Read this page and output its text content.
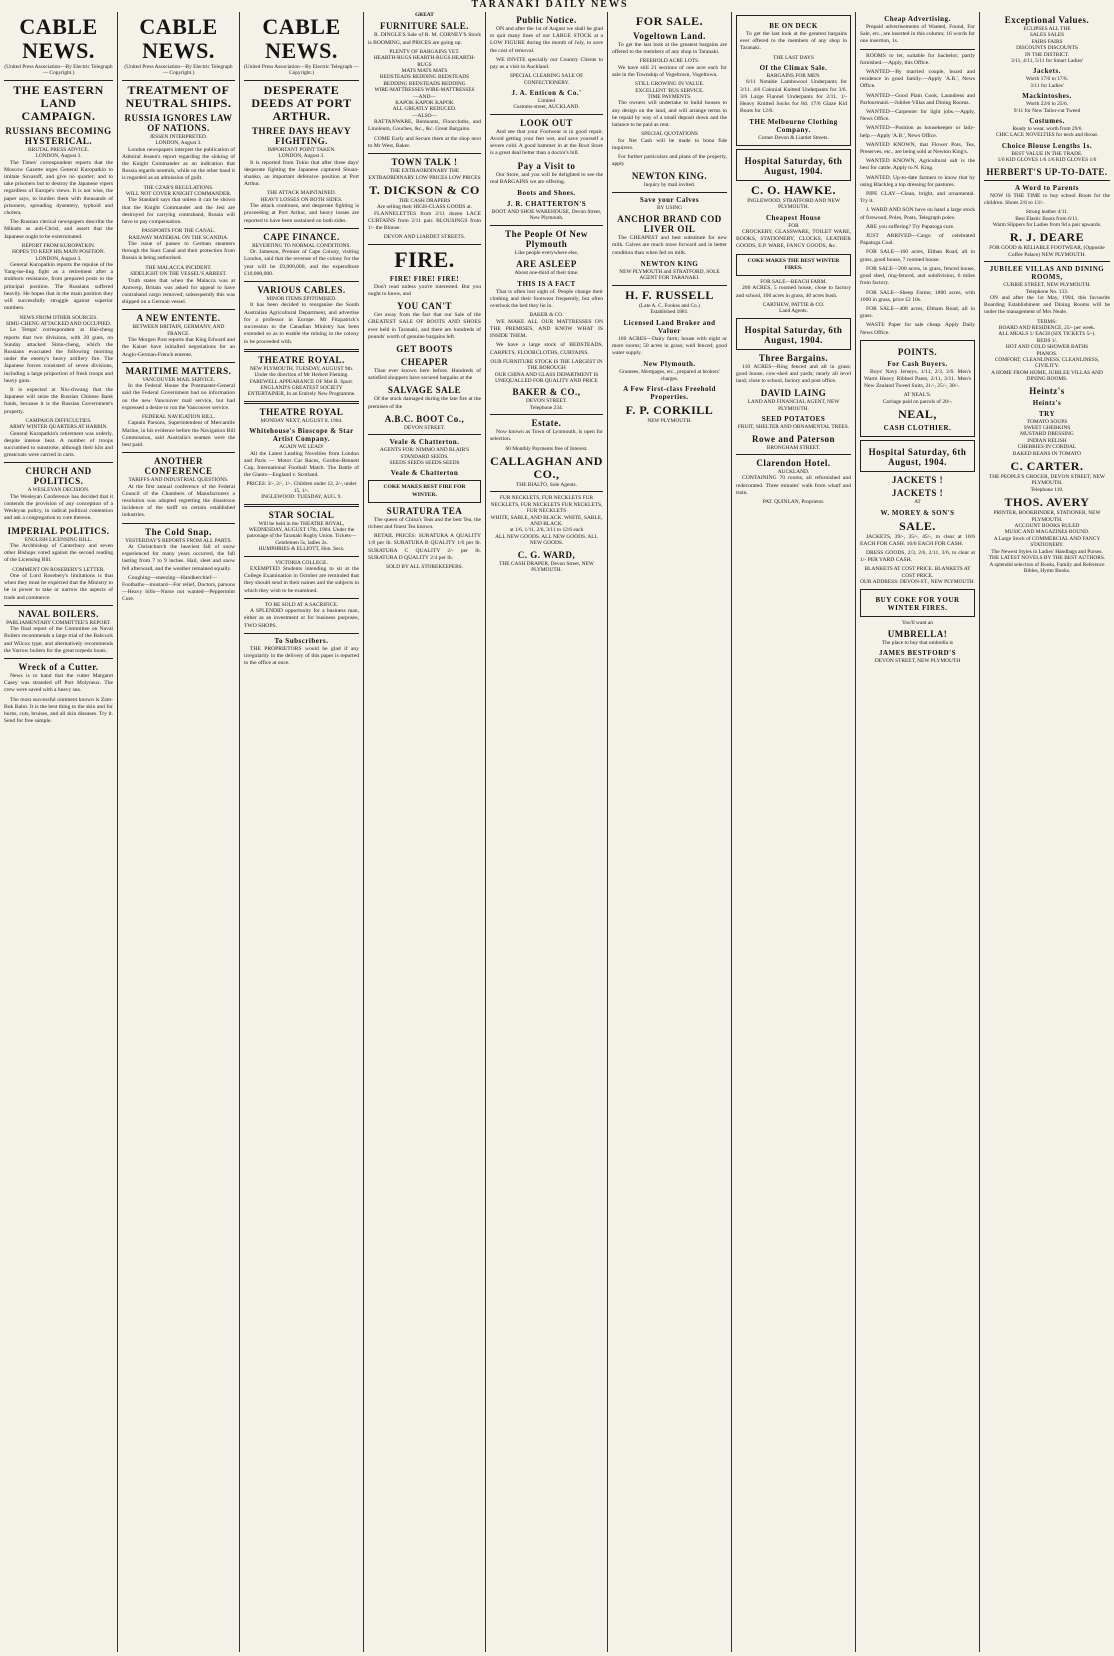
TARANAKI DAILY NEWS
CABLE NEWS.
(United Press Association—By Electric Telegraph — Copyright.)
THE EASTERN LAND CAMPAIGN.
RUSSIANS BECOMING HYSTERICAL.
BRUTAL PRESS ADVICE.
LONDON, August 3.

The Times' correspondent reports that the Moscow Gazette urges General Kuropatkin to imitate Suvaroff, and give no quarter; and to take prisoners but to destroy the Japanese vipers regardless of Europe's views. It is not wise, the paper says, to burden them with thousands of prisoners, spreading dysentery, typhoid and cholera.

The Russian clerical newspapers describe the Mikado as anti-Christ, and assert that the Japanese ought to be exterminated.

REPORT FROM KUROPATKIN.
HOPES TO KEEP HIS MAIN POSITION.
LONDON, August 3.

General Kuropatkin reports the repulse of the Yang-tse-ling fight as a retirement after a stubborn resistance, from prepared posts to the principal position. The Russians suffered heavily. He hopes that in the main position they will successfully struggle against superior numbers.

NEWS FROM OTHER SOURCES.
SIMU-CHENG ATTACKED AND OCCUPIED.

Le Temps' correspondent at Hai-cheng reports that two divisions, with 20 guns, on Sunday attacked Simu-cheng, which the Russians evacuated the following morning under the enemy's heavy artillery fire. The Japanese forces consisted of seven divisions, including a large proportion of fresh troops and heavy guns.

It is expected at Niu-chwang that the Japanese will seize the Russian Chinese Bank funds, because it is the Russian Government's property.

CAMPAIGN DIFFICULTIES.
ARMY WINTER QUARTERS AT HARBIN.

General Kuropatkin's retirement was orderly, despite intense heat. A number of troops succumbed to sunstroke, although their kits and greatcoats were carried in carts.

CHURCH AND POLITICS.
A WESLEYAN DECISION.

The Wesleyan Conference has decided that it contends the provision of any conception of a Wesleyan policy, in radical political contention and ask a congregation to vote thereon.

IMPERIAL POLITICS.
ENGLISH LICENSING BILL.

The Archbishop of Canterbury and seven other Bishops voted against the second reading of the Licensing Bill.

COMMENT ON ROSEBERY'S LETTER.

One of Lord Rosebery's limitations is that when they must be expected that the Ministry to be in power to take or narrow the aspects of trade and commerce.

NAVAL BOILERS.
PARLIAMENTARY COMMITTEE'S REPORT.

The final report of the Committee on Naval Boilers recommends a large trial of the Babcock and Wilcox type, and alternatively recommends the Yarrow boilers for the great torpedo boats.

Wreck of a Cutter.

News is to hand that the cutter Margaret Casey was stranded off Port Molyneux. The crew were saved with a heavy sea.

The most successful ointment known is Zam-Buk Balm. It is the best thing to the skin and for burns, cuts, bruises, and all skin diseases. Try it. Send for free sample.

CABLE NEWS.
(United Press Association—By Electric Telegraph — Copyright.)
TREATMENT OF NEUTRAL SHIPS.
RUSSIA IGNORES LAW OF NATIONS.
JESSEN INTERPRETED.
LONDON, August 3.

London newspapers interpret the publication of Admiral Jessen's report regarding the sinking of the Knight Commander as an indication that Russia regards neutrals, while on the other hand it is regarded as an admission of guilt.

THE CZAR'S REGULATIONS.
WILL NOT COVER KNIGHT COMMANDER.

The Standard says that unless it can be shown that the Knight Commander and the Jesi are destroyed for carrying contraband, Russia will have to pay compensation.

PASSPORTS FOR THE CANAL.
RAILWAY MATERIAL ON THE SCANDIA.

The issue of passes to German steamers through the Suez Canal and their protection from Russia is being authorised.

THE MALACCA INCIDENT.
SIDELIGHT ON THE VESSEL'S ARREST.

Truth states that when the Malacca was at Antwerp, Britain was asked for appeal to have contraband cargo removed; subsequently this was shipped on a German vessel.

A NEW ENTENTE.
BETWEEN BRITAIN, GERMANY, AND FRANCE.

The Morgen Post reports that King Edward and the Kaiser have initialled negotiations for an Anglo-German-French entente.

MARITIME MATTERS.
VANCOUVER MAIL SERVICE.

In the Federal House the Postmaster-General said the Federal Government had no information on the new Vancouver mail service, but had expressed a desire to run the Vancouver service.

FEDERAL NAVIGATION BILL.

Captain Parsons, Superintendent of Mercantile Marine, in his evidence before the Navigation Bill Commission, said Australia's seamen were the best paid.

ANOTHER CONFERENCE
TARIFFS AND INDUSTRIAL QUESTIONS.

At the first annual conference of the Federal Council of the Chambers of Manufacturers a resolution was adopted regretting the disastrous incidence of the tariff on certain established industries.

The Cold Snap.
YESTERDAY'S REPORTS FROM ALL PARTS.

At Christchurch the heaviest fall of snow experienced for many years occurred, the fall lasting from 7 to 9 inches. Hail, sleet and snow fell afterward, and the weather remained squally.

Coughing—sneezing—Handkerchief—Footbaths—mustard—For relief, Doctors, parsons—Heavy bills—Nurse not wanted—Peppermint Cure.

CABLE NEWS.
(United Press Association—By Electric Telegraph — Copyright.)
DESPERATE DEEDS AT PORT ARTHUR.
THREE DAYS HEAVY FIGHTING.
IMPORTANT POINT TAKEN.
LONDON, August 3.

It is reported from Tokio that after three days' desperate fighting the Japanese captured Shuan-shanko, an important defensive position at Port Arthur.

THE ATTACK MAINTAINED.
HEAVY LOSSES ON BOTH SIDES.

The attack continues, and desperate fighting is proceeding at Port Arthur, and heavy losses are reported to have been sustained on both sides.

CAPE FINANCE.
REVERTING TO NORMAL CONDITIONS.

Dr. Jameson, Premier of Cape Colony, visiting London, said that the revenue of the colony for the year will be £9,000,000, and the expenditure £10,000,000.

VARIOUS CABLES.
MINOR ITEMS EPITOMISED.

It has been decided to reorganise the South Australian Agricultural Department, and advertise for a professor in Europe. Mr Fitzpatrick's succession to the Canadian Ministry has been extended so as to enable the mining in the colony to be proceeded with.

THEATRE ROYAL.
NEW PLYMOUTH. TUESDAY, AUGUST 9th. Under the direction of Mr Herbert Fleming.
FAREWELL APPEARANCE OF Mel B. Spurr.
ENGLAND'S GREATEST SOCIETY ENTERTAINER, In an Entirely New Programme.
THEATRE ROYAL
MONDAY NEXT, AUGUST 8, 1904.
Whitehouse's Bioscope & Star Artist Company.
AGAIN WE LEAD!

All the Latest Leading Novelties from London and Paris — Motor Car Races, Gordon-Bennett Cup, International Football Match. The Battle of the Giants—England v. Scotland.

PRICES: 3/-, 2/-, 1/-. Children under 12, 2/-, under 15, 1/-.
INGLEWOOD: TUESDAY, AUG. 9.
STAR SOCIAL
Will be held in the THEATRE ROYAL, WEDNESDAY, AUGUST 17th, 1904. Under the patronage of the Taranaki Rugby Union. Tickets—Gentlemen 5s, ladies 2s.
HUMPHRIES & ELLIOTT, Hon. Secs.
VICTORIA COLLEGE.

EXEMPTED Students intending to sit at the College Examination in October are reminded that they should send in their names and the subjects in which they wish to be examined.

TO BE SOLD AT A SACRIFICE.

A SPLENDID opportunity for a business man, either as an investment or for business purposes, TWO SHOPS.

To Subscribers.

THE PROPRIETORS would be glad if any irregularity in the delivery of this paper is reported to the office at once.

GREAT
FURNITURE SALE.

R. DINGLE'S Sale of R. M. CORNEY'S Stock is BOOMING, and PRICES are going up.

PLENTY OF BARGAINS YET.
HEARTH-RUGS HEARTH-RUGS HEARTH-RUGS
MATS MATS MATS
BEDSTEADS BEDDING BEDSTEADS BEDDING BEDSTEADS BEDDING
WIRE-MATTRESSES WIRE-MATTRESSES
—AND—
KAPOK KAPOK KAPOK
ALL GREATLY REDUCED.
—ALSO—

RATTANWARE, Remnants, Floorcloths, and Linoleum, Couches, &c., &c. Great Bargains.

COME Early and Secure them at the shop next to Mr West, Baker.

TOWN TALK !
THE EXTRAORDINARY THE EXTRAORDINARY LOW PRICES LOW PRICES
T. DICKSON & CO
THE CASH DRAPERS
Are selling their HIGH-CLASS GOODS at.

FLANNELETTES from 2/11 dozen LACE CURTAINS from 2/11 pair. BLOUSINGS from 1/- the Blouse.

DEVON AND LIARDET STREETS.
FIRE.
FIRE! FIRE! FIRE!

Don't read unless you're interested. But you ought to know, and

YOU CAN'T

Get away from the fact that our Sale of the GREATEST SALE OF BOOTS AND SHOES ever held in Taranaki, and there are hundreds of pounds' worth of genuine bargains left.

GET BOOTS
CHEAPER

Than ever known here before. Hundreds of satisfied shoppers have secured bargains at the

SALVAGE SALE

Of the stock damaged during the late fire at the premises of the

A.B.C. BOOT Co.,
DEVON STREET.
Veale & Chatterton.
AGENTS FOR: NIMMO AND BLAIR'S STANDARD SEEDS.
SEEDS SEEDS SEEDS SEEDS
Veale & Chatterton
COKE MAKES BEST FIRE FOR WINTER.
SURATURA TEA

The queen of China's Teas and the best Tea, the richest and finest Tea known.

RETAIL PRICES: SURATURA A QUALITY 1/8 per lb. SURATURA B QUALITY 1/6 per lb. SURATURA C QUALITY 2/- per lb. SURATURA D QUALITY 2/4 per lb.

SOLD BY ALL STOREKEEPERS.
Public Notice.

ON and after the 1st of August we shall be glad to quit many lines of our LARGE STOCK at a LOW FIGURE during the month of July, to save the cost of removal.

WE INVITE specially our Country Clients to pay us a visit in Auckland.

SPECIAL CLEARING SALE OF CONFECTIONERY.
J. A. Enticon & Co.'
Limited
Customs-street, AUCKLAND.
LOOK OUT

And see that your Footwear is in good repair. Avoid getting your feet wet, and save yourself a severe cold. A good hammer in at the Boot Store is a great deal better than a doctor's bill.

Pay a Visit to

Our Store, and you will be delighted to see the real BARGAINS we are offering.

Boots and Shoes.
J. R. CHATTERTON'S
BOOT AND SHOE WAREHOUSE, Devon Street, New Plymouth.
The People Of New Plymouth
Like people everywhere else,
ARE ASLEEP
About one-third of their time.
THIS IS A FACT

That is often lost sight of. People change their clothing and their footwear frequently, but often overlook the bed they lie in.

BAKER & CO.

WE MAKE ALL OUR MATTRESSES ON THE PREMISES, AND KNOW WHAT IS INSIDE THEM.

We have a large stock of BEDSTEADS, CARPETS, FLOORCLOTHS, CURTAINS.

OUR FURNITURE STOCK IS THE LARGEST IN THE BOROUGH
OUR CHINA AND GLASS DEPARTMENT IS UNEQUALLED FOR QUALITY AND PRICE
BAKER & CO.,
DEVON STREET.
Telephone 234.
Estate.

Now known as Town of Lynmouth, is open for selection.

60 Monthly Payments free of Interest.
CALLAGHAN AND CO.,
THE RIALTO, Sole Agents.
FUR NECKLETS, FUR NECKLETS FUR NECKLETS, FUR NECKLETS FUR NECKLETS, FUR NECKLETS
WHITE, SABLE, AND BLACK. WHITE, SABLE, AND BLACK.
at 1/6, 1/11, 2/6, 3/11 to 12/6 each
ALL NEW GOODS. ALL NEW GOODS. ALL NEW GOODS.
C. G. WARD,
THE CASH DRAPER, Devon Street, NEW PLYMOUTH.
FOR SALE.
Vogeltown Land.

To get the last look at the greatest bargains are offered to the members of any shop in Taranaki.

FREEHOLD ACRE LOTS.

We have still 21 sections of one acre each for sale in the Township of Vogeltown, Vogeltown.

STILL GROWING IN VALUE.
EXCELLENT 'BUS SERVICE.
TIME PAYMENTS.

The owners will undertake to build houses to any design on the land, and will arrange terms to be repaid by way of a small deposit down and the balance to be paid as rent.

SPECIAL QUOTATIONS

for Net Cash will be made to bona fide inquirers.

For further particulars and plans of the property, apply

NEWTON KING.
Inquiry by mail invited.
Save your Calves
BY USING
ANCHOR BRAND COD LIVER OIL

The CHEAPEST and best substitute for new milk. Calves are much more forward and in better condition than when fed on milk.

NEWTON KING
NEW PLYMOUTH and STRATFORD, SOLE AGENT FOR TARANAKI.
H. F. RUSSELL
(Late A. C. Fookes and Co.)
Established 1881.
Licensed Land Broker and Valuer

100 ACRES—Dairy farm; house with eight or more rooms; 50 acres in grass; well fenced; good water supply.

New Plymouth.
Grantees, Mortgages, etc., prepared at brokers' charges.
A Few First-class Freehold Properties.
F. P. CORKILL
NEW PLYMOUTH.
BE ON DECK

To get the last look at the greatest bargains ever offered to the members of any shop in Taranaki.

THE LAST DAYS
Of the Climax Sale.
BARGAINS FOR MEN.

6/11 Notable Lambswool Underpants for 3/11. 4/6 Colonial Knitted Underpants for 3/6. 3/6 Large Flannel Underpants for 2/11. 1/- Heavy Knitted Socks for 8d. 17/6 Glaze Kid Boots for 12/6.

THE Melbourne Clothing Company.
Corner Devon & Liardet Streets.
Hospital Saturday, 6th August, 1904.
C. O. HAWKE.
INGLEWOOD, STRATFORD AND NEW PLYMOUTH.
Cheapest House
FOR

CROCKERY, GLASSWARE, TOILET WARE, BOOKS, STATIONERY, CLOCKS, LEATHER GOODS, E.P. WARE, FANCY GOODS, &c.

COKE MAKES THE BEST WINTER FIRES.
FOR SALE—BEACH FARM.

200 ACRES, 5 roomed house, close to factory and school, 100 acres in grass, 40 acres bush.

CARTHEW, PATTIE & CO.
Land Agents.
Hospital Saturday, 6th August, 1904.
Three Bargains.

110 ACRES—Ring fenced and all in grass; good house, cow-shed and yards; nearly all level land; close to school, factory and post office.

DAVID LAING
LAND AND FINANCIAL AGENT, NEW PLYMOUTH.
SEED POTATOES
FRUIT, SHELTER AND ORNAMENTAL TREES.
Rowe and Paterson
BRONGHAM STREET.
Clarendon Hotel.
AUCKLAND.

CONTAINING 70 rooms, all refurnished and redecorated. Three minutes' walk from wharf and train.

PAT. QUINLAN, Proprietor.
Cheap Advertising.

Prepaid advertisements of Wanted, Found, For Sale, etc., are inserted in this column; 16 words for one insertion, 1s.

ROOMS to let, suitable for bachelor; partly furnished.—Apply, this Office.

WANTED—By married couple, board and residence in good family.—Apply 'A.B.', News Office.

WANTED—Good Plain Cook, Laundress and Parlourmaid.—Jubilee Villas and Dining Rooms.

WANTED—Carpenter for light jobs.—Apply, News Office.

WANTED—Position as housekeeper or lady-help.—Apply 'A.B.', News Office.

WANTED KNOWN, that Flower Pots, Tea, Preserves, etc., are being sold at Newton King's.

WANTED KNOWN, Agricultural salt is the best for cattle. Apply to N. King.

WANTED, Up-to-date farmers to know that by using Blackleg a top dressing for pastures.

PIPE CLAY—Clean, bright, and ornamental. Try it.

J. WARD AND SON have on hand a large stock of firewood, Poles, Posts, Telegraph poles.

ARE you suffering? Try Papatoga cure.

JUST ARRIVED—Cargo of celebrated Papatoga Coal.

FOR SALE—160 acres, Elthan Road, all in grass, good house, 7 roomed house.

FOR SALE—200 acres, in grass, fenced house, good shed, ring-fenced, and subdivision, 6 miles from factory.

FOR SALE—Sheep Farms; 1800 acres, with 1000 in grass, price £2 10s.

FOR SALE—408 acres, Eltham Road, all in grass.

WASTE Paper for sale cheap. Apply Daily News Office.

POINTS.
For Cash Buyers.

Boys' Navy Jerseys, 1/11, 2/3, 2/6. Men's Warm Heavy Ribbed Pants, 2/11, 3/11. Men's New Zealand Tweed Suits, 21/-, 25/-, 30/-.

AT NEAL'S.
Carriage paid on parcels of 20/-.
NEAL,
CASH CLOTHIER.
Hospital Saturday, 6th August, 1904.
JACKETS !
JACKETS !
AT
W. MOREY & SON'S
SALE.

JACKETS, 39/-, 35/-, 45/-, to clear at 10/6 EACH FOR CASH. 16/6 EACH FOR CASH.

DRESS GOODS, 2/3, 2/6, 2/11, 3/6, to clear at 1/- PER YARD CASH.

BLANKETS AT COST PRICE. BLANKETS AT COST PRICE.
OUR ADDRESS: DEVON-ST., NEW PLYMOUTH.
BUY COKE FOR YOUR WINTER FIRES.
You'll want an
UMBRELLA!
The place to buy that umbrella is
JAMES BESTFORD'S
DEVON STREET, NEW PLYMOUTH
Exceptional Values.
ECLIPSES ALL THE
SALES SALES
FAIRS FAIRS
DISCOUNTS DISCOUNTS
IN THE DISTRICT.
3/11, 4/11, 5/11 for Smart Ladies'
Jackets.
Worth 17/6 to 17/6.
3/11 for Ladies'
Mackintoshes.
Worth 22/6 to 25/6.
9/11 for New Tailor-cut Tweed
Costumes.
Ready to wear, worth from 29/6
CHIC LACE NOVELTIES for neck and throat.
Choice Blouse Lengths 1s.
BEST VALUE IN THE TRADE.
1/6 KID GLOVES 1/6 1/6 KID GLOVES 1/6
HERBERT'S UP-TO-DATE.
A Word to Parents

NOW IS THE TIME to buy school Boots for the children. Shoes 2/6 to 13/-.

Strong leather 4/11.
Best Elastic Boots from 6/11.
Warm Slippers for Ladies from 9d a pair upwards.
R. J. DEARE
FOR GOOD & RELIABLE FOOTWEAR, (Opposite Coffee Palace) NEW PLYMOUTH.
JUBILEE VILLAS AND DINING ROOMS,
CURRIE STREET, NEW PLYMOUTH.
Telephone No. 133.

ON and after the 1st May, 1904, this favourite Boarding Establishment and Dining Rooms will be under the management of Mrs Neale.

TERMS:
BOARD AND RESIDENCE, 25/- per week.
ALL MEALS 1/ EACH (SIX TICKETS 5/-).
BEDS 1/.
HOT AND COLD SHOWER BATHS
PIANOS.
COMFORT, CLEANLINESS, CLEANLINESS, CIVILITY.
A HOME FROM HOME, JUBILEE VILLAS AND DINING ROOMS.
Heintz's
Heintz's
TRY
TOMATO SOUPS
SWEET GHERKINS
MUSTARD DRESSING
INDIAN RELISH
CHERRIES IN CORDIAL
BAKED BEANS IN TOMATO
C. CARTER.
THE PEOPLE'S GROCER, DEVON STREET, NEW PLYMOUTH.
Telephone 110.
THOS. AVERY
PRINTER, BOOKBINDER, STATIONER, NEW PLYMOUTH.
ACCOUNT BOOKS RULED
MUSIC AND MAGAZINES BOUND.
A Large Stock of COMMERCIAL AND FANCY STATIONERY.
The Newest Styles in Ladies' Handbags and Purses.
THE LATEST NOVELS BY THE BEST AUTHORS.
A splendid selection of Books, Family and Reference Bibles, Hymn Books.
